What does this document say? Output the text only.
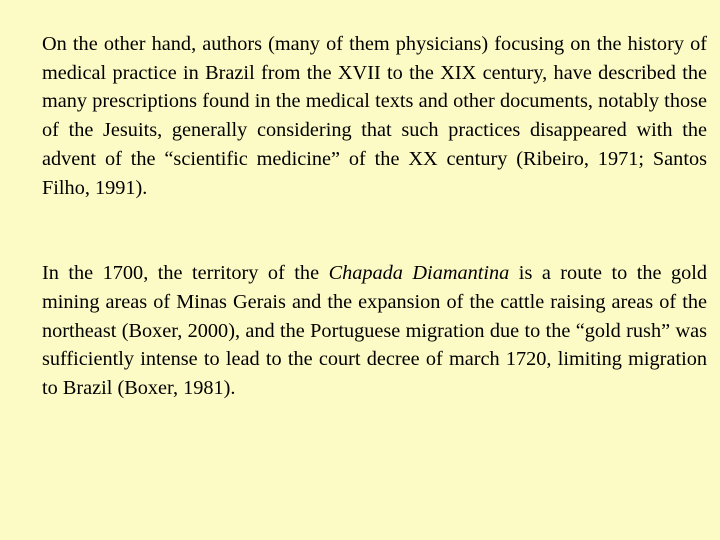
On the other hand, authors (many of them physicians) focusing on the history of medical practice in Brazil from the XVII to the XIX century, have described the many prescriptions found in the medical texts and other documents, notably those of the Jesuits, generally considering that such practices disappeared with the advent of the “scientific medicine” of the XX century (Ribeiro, 1971; Santos Filho, 1991).

In the 1700, the territory of the Chapada Diamantina is a route to the gold mining areas of Minas Gerais and the expansion of the cattle raising areas of the northeast (Boxer, 2000), and the Portuguese migration due to the “gold rush” was sufficiently intense to lead to the court decree of march 1720, limiting migration to Brazil (Boxer, 1981).
